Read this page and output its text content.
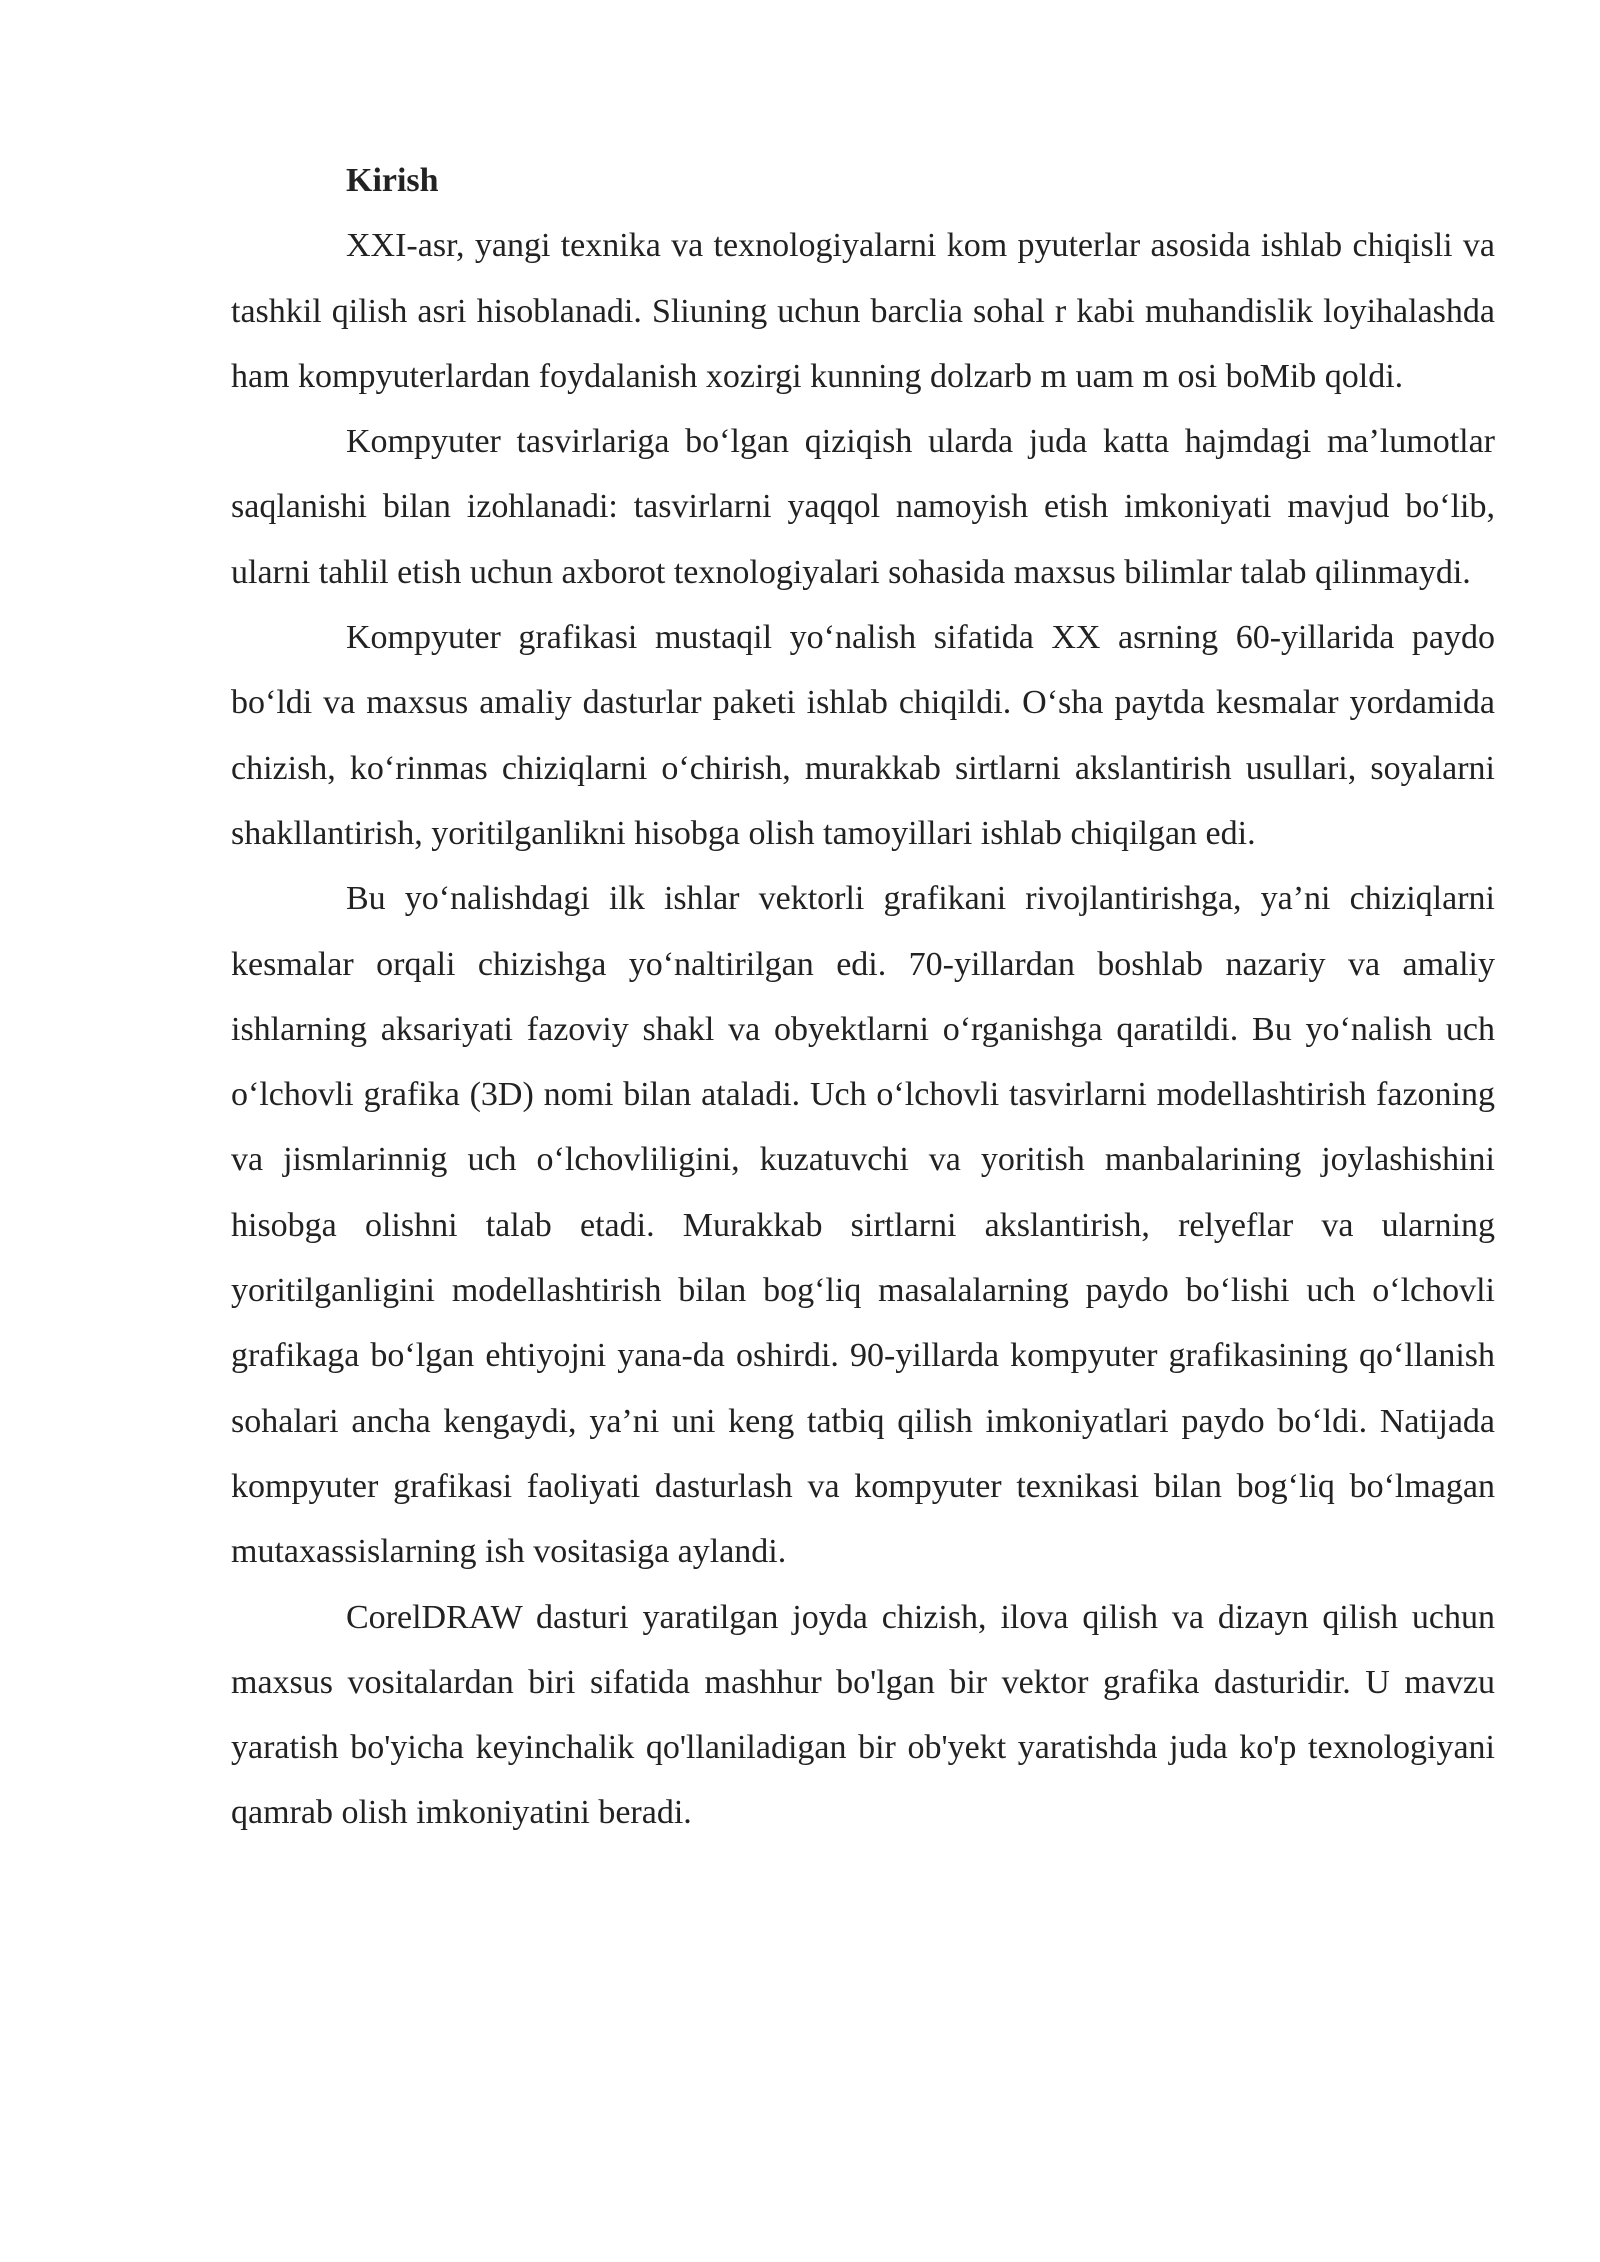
Kirish

XXI-asr, yangi texnika va texnologiyalarni kom pyuterlar asosida ishlab chiqisli va tashkil qilish asri hisoblanadi. Sliuning uchun barclia sohal r kabi muhandislik loyihalashda ham kompyuterlardan foydalanish xozirgi kunning dolzarb m uam m osi boMib qoldi.

Kompyuter tasvirlariga bo‘lgan qiziqish ularda juda katta hajmdagi ma’lumotlar saqlanishi bilan izohlanadi: tasvirlarni yaqqol namoyish etish imkoniyati mavjud bo‘lib, ularni tahlil etish uchun axborot texnologiyalari sohasida maxsus bilimlar talab qilinmaydi.

Kompyuter grafikasi mustaqil yo‘nalish sifatida XX asrning 60-yillarida paydo bo‘ldi va maxsus amaliy dasturlar paketi ishlab chiqildi. O‘sha paytda kesmalar yordamida chizish, ko‘rinmas chiziqlarni o‘chirish, murakkab sirtlarni akslantirish usullari, soyalarni shakllantirish, yoritilganlikni hisobga olish tamoyillari ishlab chiqilgan edi.

Bu yo‘nalishdagi ilk ishlar vektorli grafikani rivojlantirishga, ya’ni chiziqlarni kesmalar orqali chizishga yo‘naltirilgan edi. 70-yillardan boshlab nazariy va amaliy ishlarning aksariyati fazoviy shakl va obyektlarni o‘rganishga qaratildi. Bu yo‘nalish uch o‘lchovli grafika (3D) nomi bilan ataladi. Uch o‘lchovli tasvirlarni modellashtirish fazoning va jismlarinnig uch o‘lchovliligini, kuzatuvchi va yoritish manbalarining joylashishini hisobga olishni talab etadi. Murakkab sirtlarni akslantirish, relyeflar va ularning yoritilganligini modellashtirish bilan bog‘liq masalalarning paydo bo‘lishi uch o‘lchovli grafikaga bo‘lgan ehtiyojni yana-da oshirdi. 90-yillarda kompyuter grafikasining qo‘llanish sohalari ancha kengaydi, ya’ni uni keng tatbiq qilish imkoniyatlari paydo bo‘ldi. Natijada kompyuter grafikasi faoliyati dasturlash va kompyuter texnikasi bilan bog‘liq bo‘lmagan mutaxassislarning ish vositasiga aylandi.

CorelDRAW dasturi yaratilgan joyda chizish, ilova qilish va dizayn qilish uchun maxsus vositalardan biri sifatida mashhur bo'lgan bir vektor grafika dasturidir. U mavzu yaratish bo'yicha keyinchalik qo'llaniladigan bir ob'yekt yaratishda juda ko'p texnologiyani qamrab olish imkoniyatini beradi.
